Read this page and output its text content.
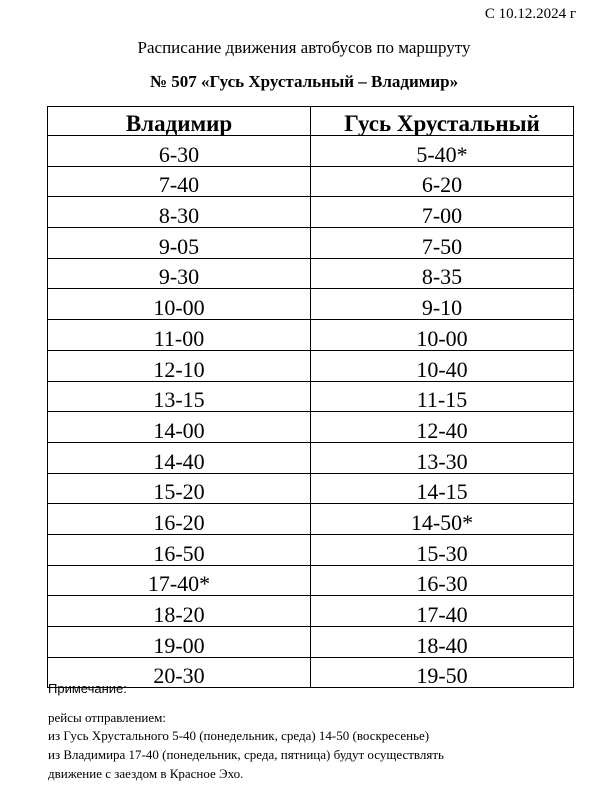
С 10.12.2024 г
Расписание движения автобусов по маршруту
№ 507 «Гусь Хрустальный – Владимир»
Владимир	Гусь Хрустальный
6-30	5-40*
7-40	6-20
8-30	7-00
9-05	7-50
9-30	8-35
10-00	9-10
11-00	10-00
12-10	10-40
13-15	11-15
14-00	12-40
14-40	13-30
15-20	14-15
16-20	14-50*
16-50	15-30
17-40*	16-30
18-20	17-40
19-00	18-40
20-30	19-50
Примечание:
рейсы отправлением:
из Гусь Хрустального 5-40 (понедельник, среда) 14-50 (воскресенье)
из Владимира 17-40 (понедельник, среда, пятница) будут осуществлять
движение с заездом в Красное Эхо.
